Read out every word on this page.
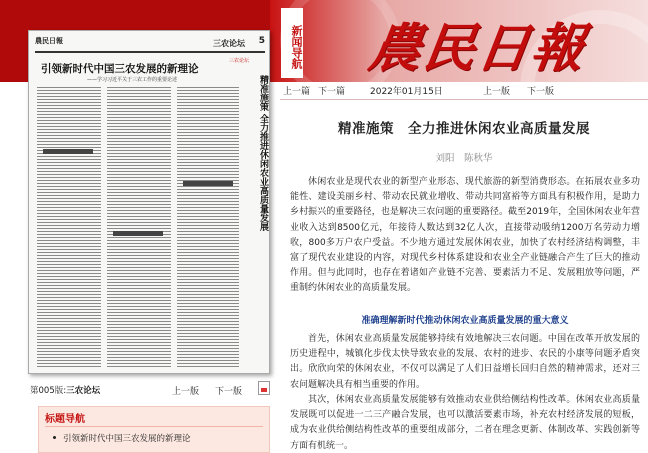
新闻导航 農民日報
農民日報	三农论坛 5
引领新时代中国三农发展的新理论
——学习习近平关于三农工作的重要论述
三农论坛
精准施策 全力推进休闲农业高质量发展
第005版:三农论坛	上一版 下一版
标题导航
引领新时代中国三农发展的新理论
上一篇 下一篇	2022年01月15日	上一版 下一版
精准施策　全力推进休闲农业高质量发展
刘阳　陈秋华

休闲农业是现代农业的新型产业形态、现代旅游的新型消费形态。在拓展农业多功能性、建设美丽乡村、带动农民就业增收、带动共同富裕等方面具有积极作用，是助力乡村振兴的重要路径，也是解决三农问题的重要路径。截至2019年，全国休闲农业年营业收入达到8500亿元，年接待人数达到32亿人次，直接带动吸纳1200万名劳动力增收，800多万户农户受益。不少地方通过发展休闲农业，加快了农村经济结构调整，丰富了现代农业建设的内容，对现代乡村体系建设和农业全产业链融合产生了巨大的推动作用。但与此同时，也存在着诸如产业链不完善、要素活力不足、发展粗放等问题，严重制约休闲农业的高质量发展。

准确理解新时代推动休闲农业高质量发展的重大意义

首先，休闲农业高质量发展能够持续有效地解决三农问题。中国在改革开放发展的历史进程中，城镇化步伐太快导致农业的发展、农村的进步、农民的小康等问题矛盾突出。欣欣向荣的休闲农业，不仅可以满足了人们日益增长回归自然的精神需求，还对三农问题解决具有相当重要的作用。

其次，休闲农业高质量发展能够有效推动农业供给侧结构性改革。休闲农业高质量发展既可以促进一二三产融合发展，也可以激活要素市场，补充农村经济发展的短板，成为农业供给侧结构性改革的重要组成部分，二者在理念更新、体制改革、实践创新等方面有机统一。
